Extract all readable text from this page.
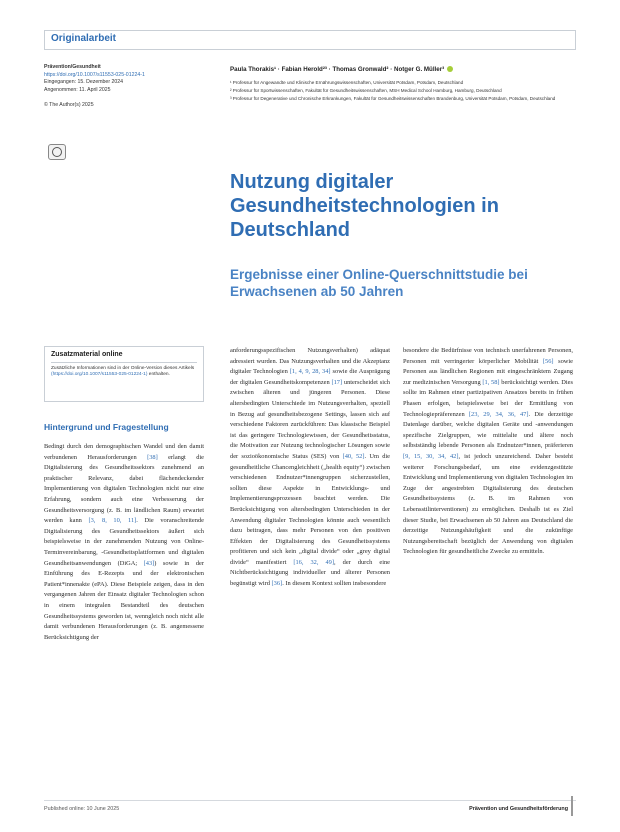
Originalarbeit
Prävention/Gesundheit
https://doi.org/10.1007/s11553-025-01224-1
Eingegangen: 15. Dezember 2024
Angenommen: 11. April 2025
© The Author(s) 2025
Paula Thorakis¹ · Fabian Herold²³ · Thomas Gronwald² · Notger G. Müller³

¹ Professur für Angewandte und Klinische Ernährungswissenschaften, Universität Potsdam, Potsdam, Deutschland

² Professur für Sportwissenschaften, Fakultät für Gesundheitswissenschaften, MSH Medical School Hamburg, Hamburg, Deutschland

³ Professur für Degenerative und Chronische Erkrankungen, Fakultät für Gesundheitswissenschaften Brandenburg, Universität Potsdam, Potsdam, Deutschland

Nutzung digitaler Gesundheitstechnologien in Deutschland
Ergebnisse einer Online-Querschnittstudie bei Erwachsenen ab 50 Jahren
Zusatzmaterial online
Zusätzliche Informationen sind in der Online-Version dieses Artikels (https://doi.org/10.1007/s11553-025-01224-1) enthalten.
Hintergrund und Fragestellung

Bedingt durch den demographischen Wandel und den damit verbundenen Herausforderungen [38] erlangt die Digitalisierung des Gesundheitssektors zunehmend an praktischer Relevanz, dabei flächendeckender Implementierung von digitalen Technologien nicht nur eine Erfahrung, sondern auch eine Verbesserung der Gesundheitsversorgung (z. B. im ländlichen Raum) erwartet werden kann [3, 8, 10, 11]. Die voranschreitende Digitalisierung des Gesundheitssektors äußert sich beispielsweise in der zunehmenden Nutzung von Online-Terminvereinbarung, -Gesundheitsplattformen und digitalen Gesundheitsanwendungen (DiGA; [43]) sowie in der Einführung des E-Rezepts und der elektronischen Patient*innenakte (ePA). Diese Beispiele zeigen, dass in den vergangenen Jahren der Einsatz digitaler Technologien schon in einem integralen Bestandteil des deutschen Gesundheitssystems geworden ist, wenngleich noch nicht alle damit verbundenen Herausforderungen (z. B. angemessene Berücksichtigung der

anforderungsspezifischen Nutzungsverhalten) adäquat adressiert wurden. Das Nutzungsverhalten und die Akzeptanz digitaler Technologien [1, 4, 9, 28, 34] sowie die Ausprägung der digitalen Gesundheitskompetenzen [17] unterscheidet sich zwischen älteren und jüngeren Personen. Diese altersbedingten Unterschiede im Nutzungsverhalten, speziell in Bezug auf gesundheitsbezogene Settings, lassen sich auf verschiedene Faktoren zurückführen: Das klassische Beispiel ist das geringere Technologiewissen, der Gesundheitsstatus, die Motivation zur Nutzung technologischer Lösungen sowie der sozioökonomische Status (SES) von [40, 52]. Um die gesundheitliche Chancengleichheit („health equity“) zwischen verschiedenen Endnutzer*innengruppen sicherzustellen, sollten diese Aspekte in Entwicklungs- und Implementierungsprozessen beachtet werden. Die Berücksichtigung von altersbedingten Unterschieden in der Anwendung digitaler Technologien könnte auch wesentlich dazu beitragen, dass mehr Personen von den positiven Effekten der Digitalisierung des Gesundheitssystems profitieren und sich kein „digital divide“ oder „grey digital divide“ manifestiert [16, 32, 49], der durch eine Nichtberücksichtigung individueller und älterer Personen begünstigt wird [36]. In diesem Kontext sollten insbesondere

besondere die Bedürfnisse von technisch unerfahrenen Personen, Personen mit verringerter körperlicher Mobilität [56] sowie Personen aus ländlichen Regionen mit eingeschränktem Zugang zur medizinischen Versorgung [1, 58] berücksichtigt werden. Dies sollte im Rahmen einer partizipativen Ansatzes bereits in frühen Phasen erfolgen, beispielsweise bei der Ermittlung von Technologiepräferenzen [23, 29, 34, 36, 47]. Die derzeitige Datenlage darüber, welche digitalen Geräte und -anwendungen spezifische Zielgruppen, wie mittelalte und ältere noch selbstständig lebende Personen als Endnutzer*innen, präferieren [9, 15, 30, 34, 42], ist jedoch unzureichend. Daher besteht weiterer Forschungsbedarf, um eine evidenzgestützte Entwicklung und Implementierung von digitalen Technologien im Zuge der angestrebten Digitalisierung des deutschen Gesundheitssystems (z. B. im Rahmen von Lebensstilinterventionen) zu ermöglichen. Deshalb ist es Ziel dieser Studie, bei Erwachsenen ab 50 Jahren aus Deutschland die derzeitige Nutzungshäufigkeit und die zukünftige Nutzungsbereitschaft bezüglich der Anwendung von digitalen Technologien für gesundheitliche Zwecke zu ermitteln.

Published online: 10 June 2025	Prävention und Gesundheitsförderung
